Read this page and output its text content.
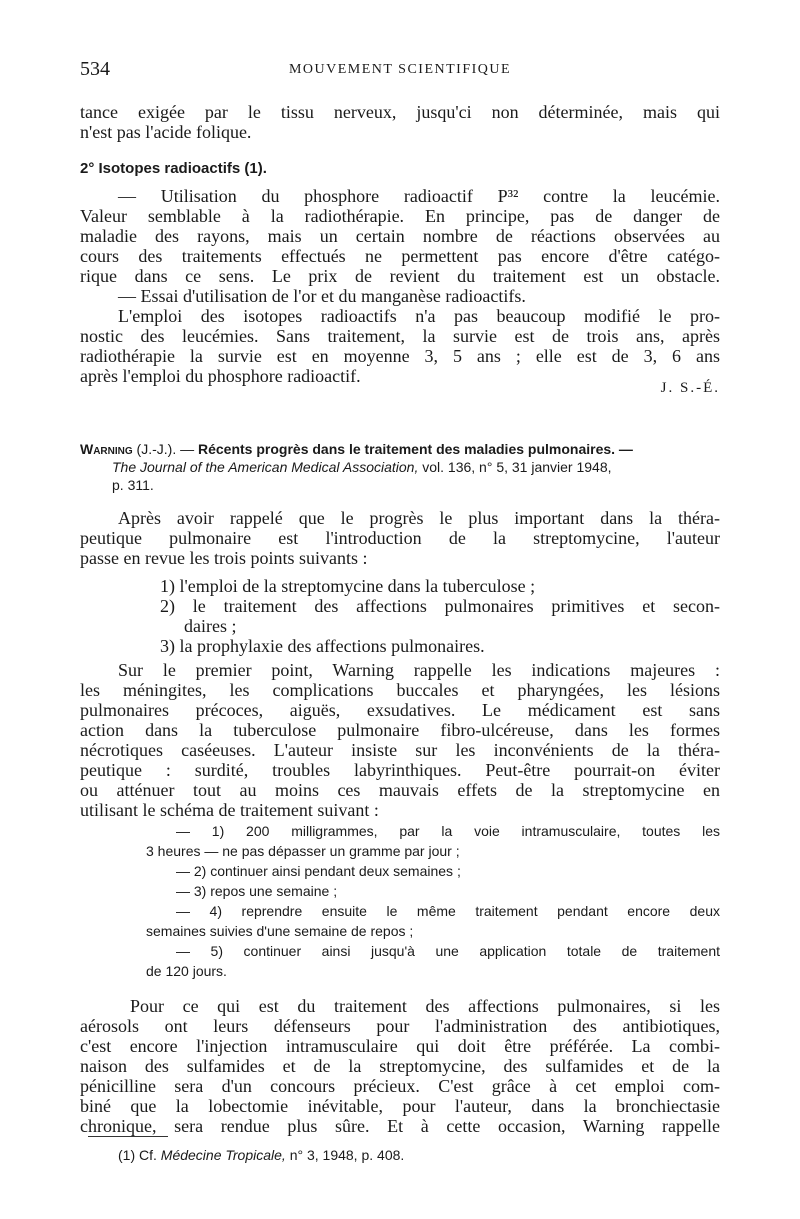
534	MOUVEMENT SCIENTIFIQUE
tance exigée par le tissu nerveux, jusqu'ci non déterminée, mais qui
n'est pas l'acide folique.
2° Isotopes radioactifs (1).
— Utilisation du phosphore radioactif P³² contre la leucémie.
Valeur semblable à la radiothérapie. En principe, pas de danger de
maladie des rayons, mais un certain nombre de réactions observées au
cours des traitements effectués ne permettent pas encore d'être catégo-
rique dans ce sens. Le prix de revient du traitement est un obstacle.
— Essai d'utilisation de l'or et du manganèse radioactifs.
L'emploi des isotopes radioactifs n'a pas beaucoup modifié le pro-
nostic des leucémies. Sans traitement, la survie est de trois ans, après
radiothérapie la survie est en moyenne 3, 5 ans ; elle est de 3, 6 ans
après l'emploi du phosphore radioactif.
J. S.-É.
Warning (J.-J.). — Récents progrès dans le traitement des maladies pulmonaires. —
The Journal of the American Medical Association, vol. 136, n° 5, 31 janvier 1948,
p. 311.
Après avoir rappelé que le progrès le plus important dans la théra-
peutique pulmonaire est l'introduction de la streptomycine, l'auteur
passe en revue les trois points suivants :
1) l'emploi de la streptomycine dans la tuberculose ;
2) le traitement des affections pulmonaires primitives et secon-
daires ;
3) la prophylaxie des affections pulmonaires.
Sur le premier point, Warning rappelle les indications majeures :
les méningites, les complications buccales et pharyngées, les lésions
pulmonaires précoces, aiguës, exsudatives. Le médicament est sans
action dans la tuberculose pulmonaire fibro-ulcéreuse, dans les formes
nécrotiques caséeuses. L'auteur insiste sur les inconvénients de la théra-
peutique : surdité, troubles labyrinthiques. Peut-être pourrait-on éviter
ou atténuer tout au moins ces mauvais effets de la streptomycine en
utilisant le schéma de traitement suivant :
— 1) 200 milligrammes, par la voie intramusculaire, toutes les
3 heures — ne pas dépasser un gramme par jour ;
— 2) continuer ainsi pendant deux semaines ;
— 3) repos une semaine ;
— 4) reprendre ensuite le même traitement pendant encore deux
semaines suivies d'une semaine de repos ;
— 5) continuer ainsi jusqu'à une application totale de traitement
de 120 jours.
Pour ce qui est du traitement des affections pulmonaires, si les
aérosols ont leurs défenseurs pour l'administration des antibiotiques,
c'est encore l'injection intramusculaire qui doit être préférée. La combi-
naison des sulfamides et de la streptomycine, des sulfamides et de la
pénicilline sera d'un concours précieux. C'est grâce à cet emploi com-
biné que la lobectomie inévitable, pour l'auteur, dans la bronchiectasie
chronique, sera rendue plus sûre. Et à cette occasion, Warning rappelle
(1) Cf. Médecine Tropicale, n° 3, 1948, p. 408.
